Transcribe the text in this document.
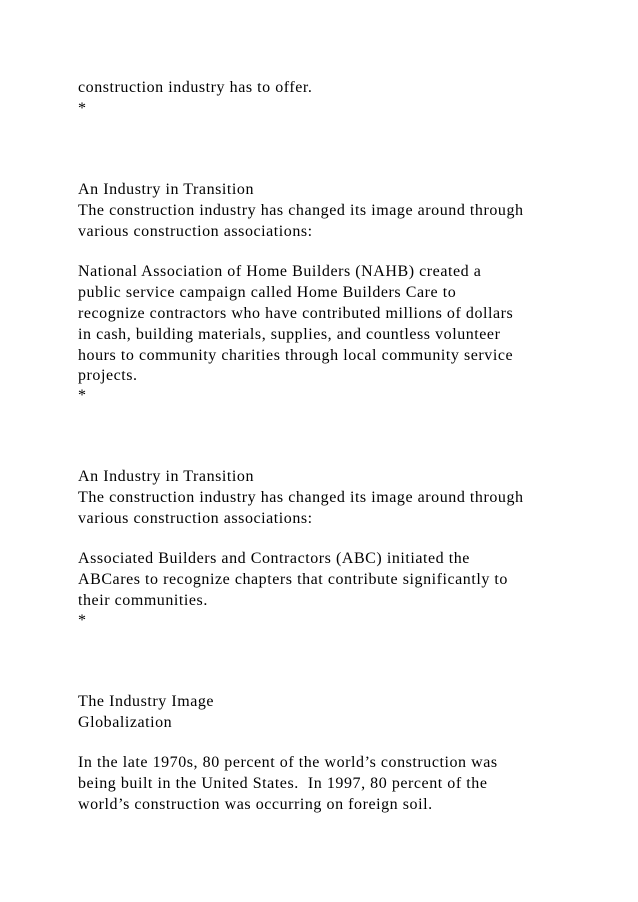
construction industry has to offer.

*

An Industry in Transition

The construction industry has changed its image around through

various construction associations:

National Association of Home Builders (NAHB) created a

public service campaign called Home Builders Care to

recognize contractors who have contributed millions of dollars

in cash, building materials, supplies, and countless volunteer

hours to community charities through local community service

projects.

*

An Industry in Transition

The construction industry has changed its image around through

various construction associations:

Associated Builders and Contractors (ABC) initiated the

ABCares to recognize chapters that contribute significantly to

their communities.

*

The Industry Image

Globalization

In the late 1970s, 80 percent of the world’s construction was

being built in the United States.  In 1997, 80 percent of the

world’s construction was occurring on foreign soil.
